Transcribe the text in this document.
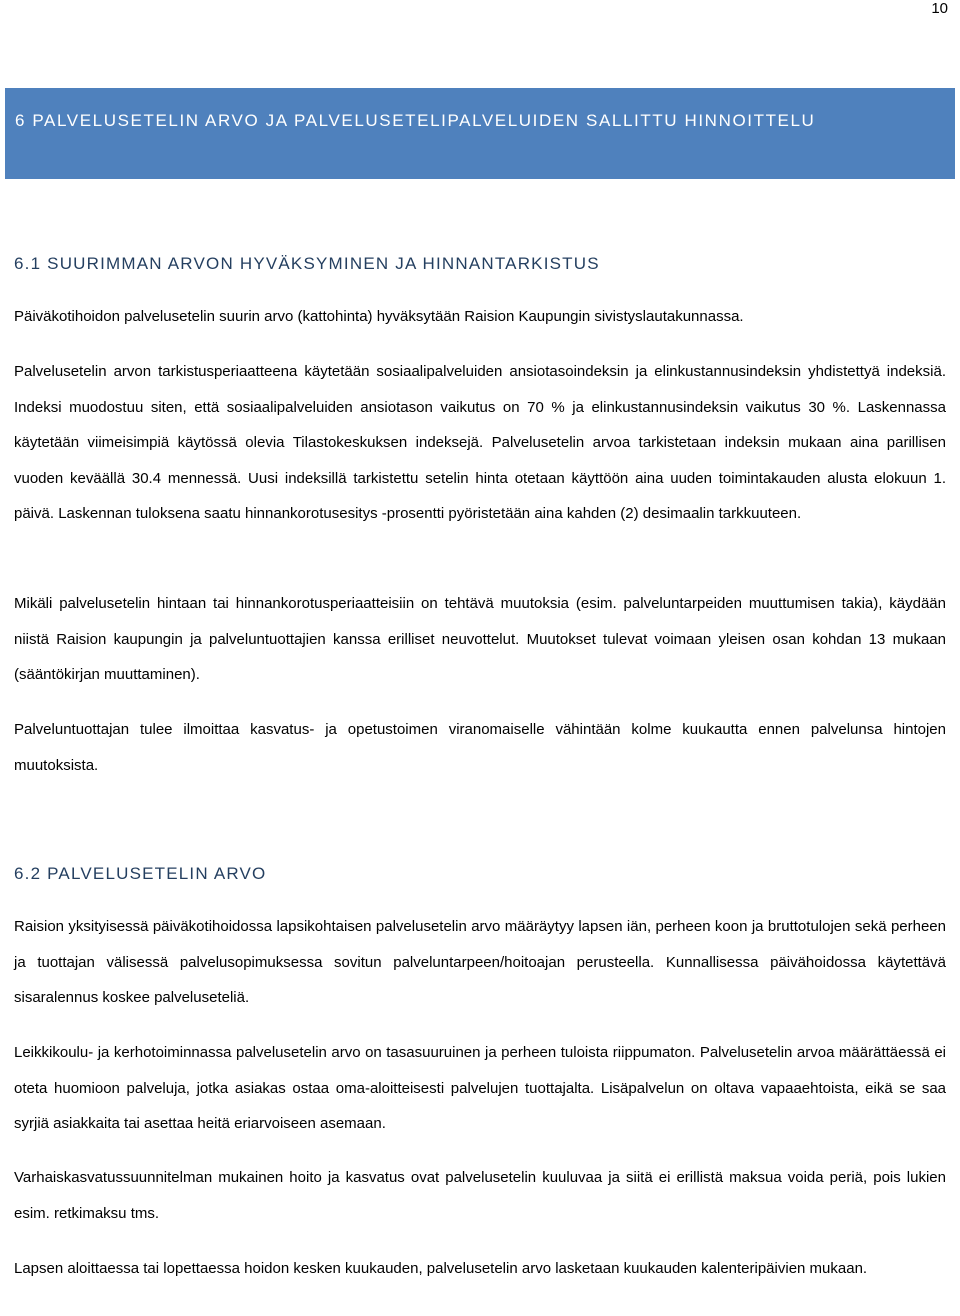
10
6 PALVELUSETELIN ARVO JA PALVELUSETELIPALVELUIDEN SALLITTU HINNOITTELU
6.1 SUURIMMAN ARVON HYVÄKSYMINEN JA HINNANTARKISTUS

Päiväkotihoidon palvelusetelin suurin arvo (kattohinta) hyväksytään Raision Kaupungin sivistyslautakunnassa.

Palvelusetelin arvon tarkistusperiaatteena käytetään sosiaalipalveluiden ansiotasoindeksin ja elinkustannusindeksin yhdistettyä indeksiä. Indeksi muodostuu siten, että sosiaalipalveluiden ansiotason vaikutus on 70 % ja elinkustannusindeksin vaikutus 30 %. Laskennassa käytetään viimeisimpiä käytössä olevia Tilastokeskuksen indeksejä. Palvelusetelin arvoa tarkistetaan indeksin mukaan aina parillisen vuoden keväällä 30.4 mennessä. Uusi indeksillä tarkistettu setelin hinta otetaan käyttöön aina uuden toimintakauden alusta elokuun 1. päivä. Laskennan tuloksena saatu hinnankorotusesitys -prosentti pyöristetään aina kahden (2) desimaalin tarkkuuteen.

Mikäli palvelusetelin hintaan tai hinnankorotusperiaatteisiin on tehtävä muutoksia (esim. palveluntarpeiden muuttumisen takia), käydään niistä Raision kaupungin ja palveluntuottajien kanssa erilliset neuvottelut. Muutokset tulevat voimaan yleisen osan kohdan 13 mukaan (sääntökirjan muuttaminen).

Palveluntuottajan tulee ilmoittaa kasvatus- ja opetustoimen viranomaiselle vähintään kolme kuukautta ennen palvelunsa hintojen muutoksista.

6.2 PALVELUSETELIN ARVO

Raision yksityisessä päiväkotihoidossa lapsikohtaisen palvelusetelin arvo määräytyy lapsen iän, perheen koon ja bruttotulojen sekä perheen ja tuottajan välisessä palvelusopimuksessa sovitun palveluntarpeen/hoitoajan perusteella. Kunnallisessa päivähoidossa käytettävä sisaralennus koskee palveluseteliä.

Leikkikoulu- ja kerhotoiminnassa palvelusetelin arvo on tasasuuruinen ja perheen tuloista riippumaton. Palvelusetelin arvoa määrättäessä ei oteta huomioon palveluja, jotka asiakas ostaa oma-aloitteisesti palvelujen tuottajalta. Lisäpalvelun on oltava vapaaehtoista, eikä se saa syrjiä asiakkaita tai asettaa heitä eriarvoiseen asemaan.

Varhaiskasvatussuunnitelman mukainen hoito ja kasvatus ovat palvelusetelin kuuluvaa ja siitä ei erillistä maksua voida periä, pois lukien esim. retkimaksu tms.

Lapsen aloittaessa tai lopettaessa hoidon kesken kuukauden, palvelusetelin arvo lasketaan kuukauden kalenteripäivien mukaan.
